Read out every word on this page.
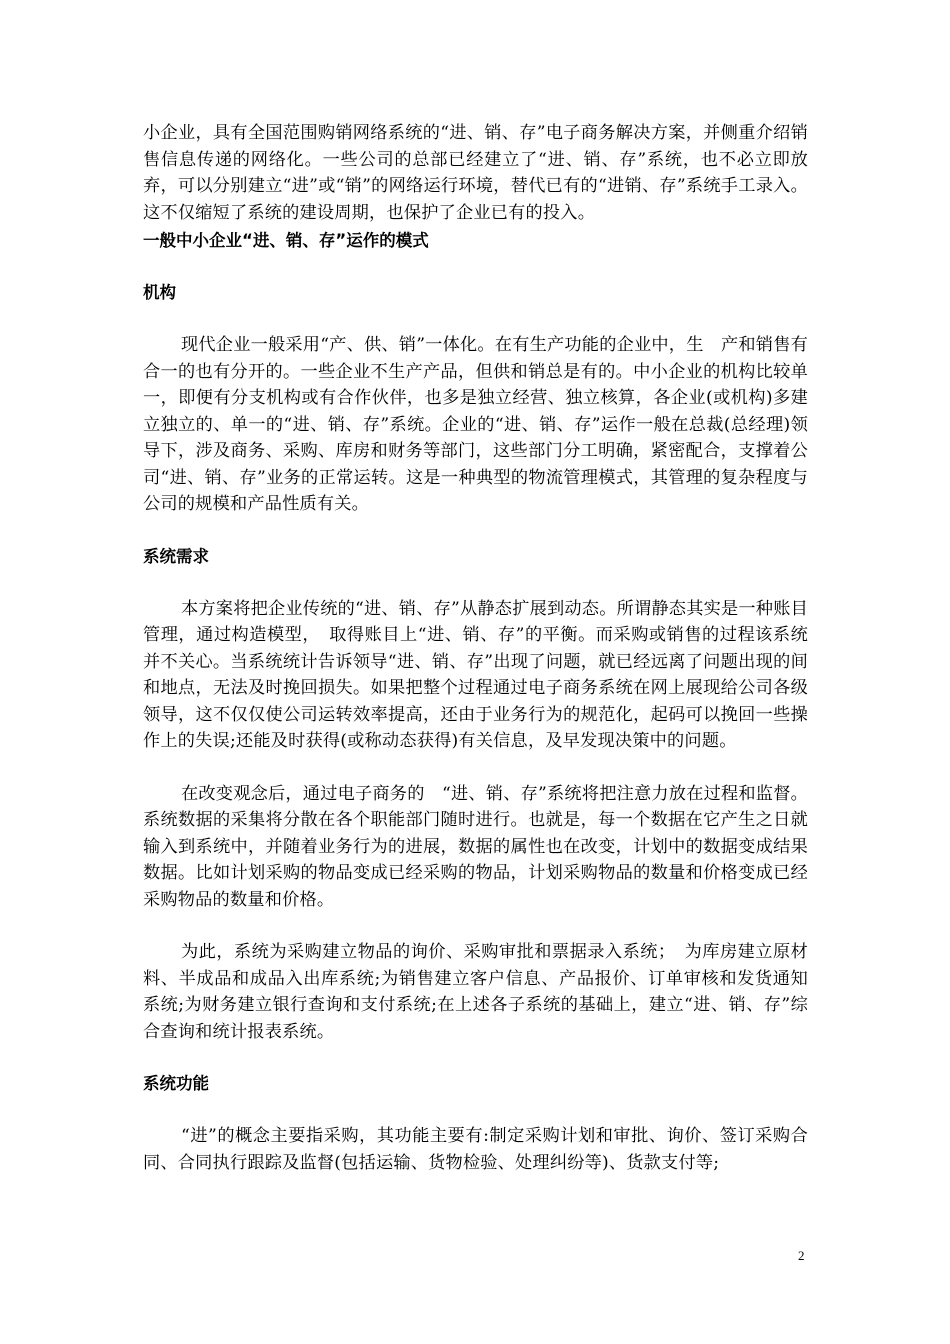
小企业，具有全国范围购销网络系统的“进、销、存”电子商务解决方案，并侧重介绍销售信息传递的网络化。一些公司的总部已经建立了“进、销、存”系统，也不必立即放弃，可以分别建立“进”或“销”的网络运行环境，替代已有的“进销、存”系统手工录入。这不仅缩短了系统的建设周期，也保护了企业已有的投入。

一般中小企业“进、销、存”运作的模式
机构

现代企业一般采用“产、供、销”一体化。在有生产功能的企业中，生　产和销售有合一的也有分开的。一些企业不生产产品，但供和销总是有的。中小企业的机构比较单一，即便有分支机构或有合作伙伴，也多是独立经营、独立核算，各企业(或机构)多建立独立的、单一的“进、销、存”系统。企业的“进、销、存”运作一般在总裁(总经理)领导下，涉及商务、采购、库房和财务等部门，这些部门分工明确，紧密配合，支撑着公司“进、销、存”业务的正常运转。这是一种典型的物流管理模式，其管理的复杂程度与公司的规模和产品性质有关。

系统需求

本方案将把企业传统的“进、销、存”从静态扩展到动态。所谓静态其实是一种账目管理，通过构造模型，　取得账目上“进、销、存”的平衡。而采购或销售的过程该系统并不关心。当系统统计告诉领导“进、销、存”出现了问题，就已经远离了问题出现的间和地点，无法及时挽回损失。如果把整个过程通过电子商务系统在网上展现给公司各级领导，这不仅仅使公司运转效率提高，还由于业务行为的规范化，起码可以挽回一些操作上的失误;还能及时获得(或称动态获得)有关信息，及早发现决策中的问题。

在改变观念后，通过电子商务的　“进、销、存”系统将把注意力放在过程和监督。系统数据的采集将分散在各个职能部门随时进行。也就是，每一个数据在它产生之日就输入到系统中，并随着业务行为的进展，数据的属性也在改变，计划中的数据变成结果数据。比如计划采购的物品变成已经采购的物品，计划采购物品的数量和价格变成已经采购物品的数量和价格。

为此，系统为采购建立物品的询价、采购审批和票据录入系统；　为库房建立原材料、半成品和成品入出库系统;为销售建立客户信息、产品报价、订单审核和发货通知系统;为财务建立银行查询和支付系统;在上述各子系统的基础上，建立“进、销、存”综合查询和统计报表系统。

系统功能

“进”的概念主要指采购，其功能主要有:制定采购计划和审批、询价、签订采购合同、合同执行跟踪及监督(包括运输、货物检验、处理纠纷等)、货款支付等;

2
